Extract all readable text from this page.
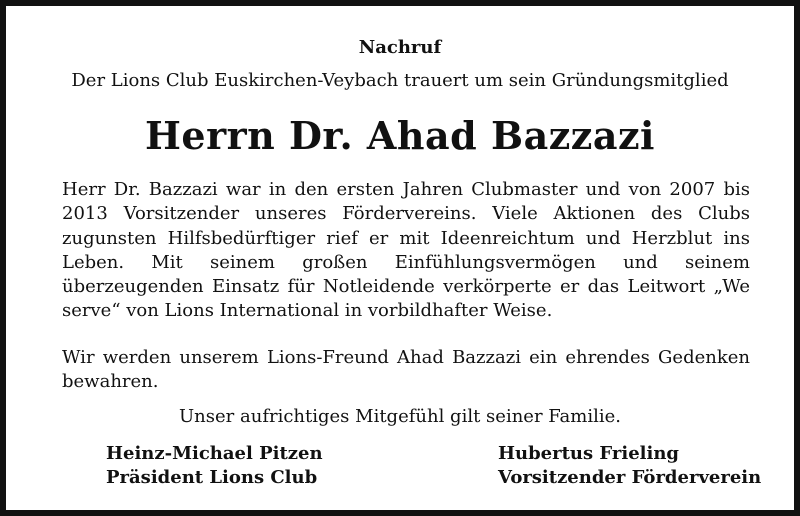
Nachruf
Der Lions Club Euskirchen-Veybach trauert um sein Gründungsmitglied
Herrn Dr. Ahad Bazzazi

Herr Dr. Bazzazi war in den ersten Jahren Clubmaster und von 2007 bis 2013 Vorsitzender unseres Fördervereins. Viele Aktionen des Clubs zugunsten Hilfsbedürftiger rief er mit Ideenreichtum und Herzblut ins Leben. Mit seinem großen Einfühlungsvermögen und seinem überzeugenden Einsatz für Notleidende verkörperte er das Leitwort „We serve“ von Lions International in vorbildhafter Weise.

Wir werden unserem Lions-Freund Ahad Bazzazi ein ehrendes Gedenken bewahren.

Unser aufrichtiges Mitgefühl gilt seiner Familie.
Heinz-Michael Pitzen
Präsident Lions Club
Hubertus Frieling
Vorsitzender Förderverein
